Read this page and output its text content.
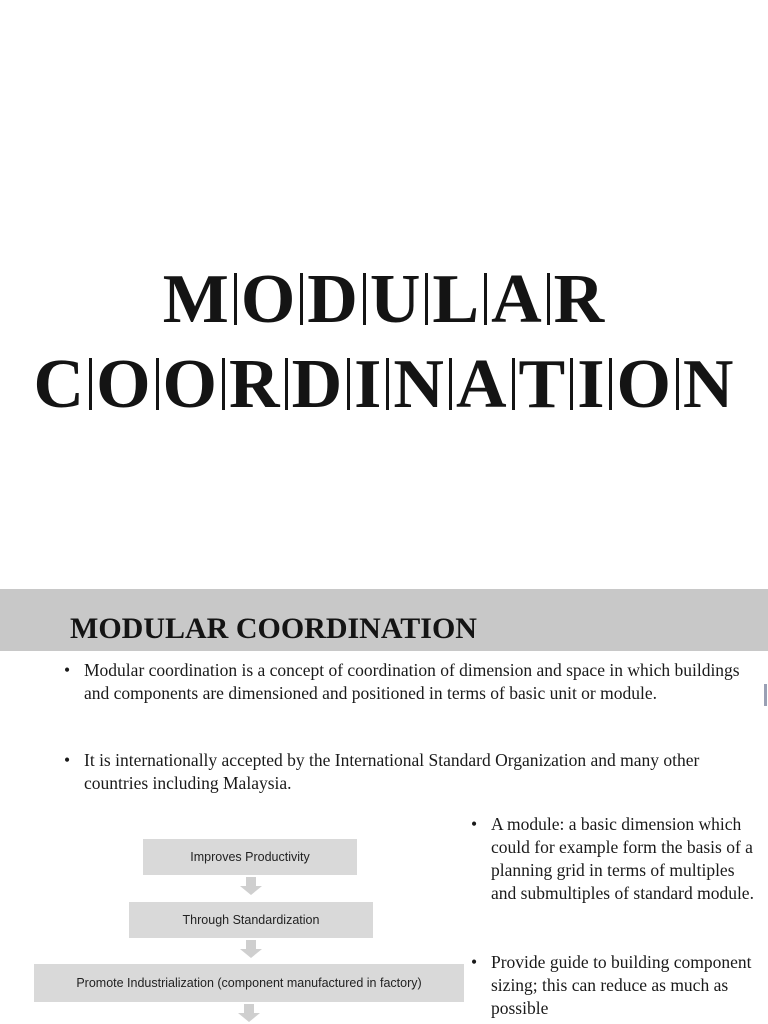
M O D U L A R
C O O R D I N A T I O N
MODULAR COORDINATION
• Modular coordination is a concept of coordination of dimension and space in which buildings and components are dimensioned and positioned in terms of basic unit or module.
• It is internationally accepted by the International Standard Organization and many other countries including Malaysia.
Improves Productivity
Through Standardization
Promote Industrialization (component manufactured in factory)
• A module: a basic dimension which could for example form the basis of a planning grid in terms of multiples and submultiples of standard module.
• Provide guide to building component sizing; this can reduce as much as possible
